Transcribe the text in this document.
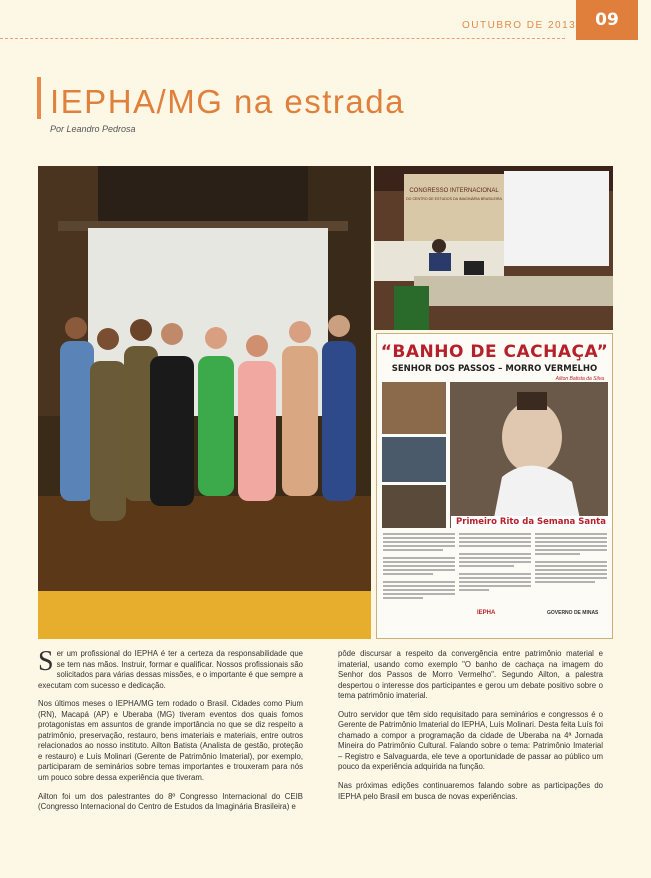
OUTUBRO DE 2013	09
IEPHA/MG na estrada
Por Leandro Pedrosa
CONGRESSO INTERNACIONAL
DO CENTRO DE ESTUDOS DA IMAGINÁRIA BRASILEIRA
“BANHO DE CACHAÇA”
SENHOR DOS PASSOS – MORRO VERMELHO
Ailton Batista da Silva
Primeiro Rito da Semana Santa
IEPHA	GOVERNO DE MINAS

Ser um profissional do IEPHA é ter a certeza da responsabilidade que se tem nas mãos. Instruir, formar e qualificar. Nossos profissionais são solicitados para várias dessas missões, e o importante é que sempre a executam com sucesso e dedicação.

Nos últimos meses o IEPHA/MG tem rodado o Brasil. Cidades como Pium (RN), Macapá (AP) e Uberaba (MG) tiveram eventos dos quais fomos protagonistas em assuntos de grande importância no que se diz respeito a patrimônio, preservação, restauro, bens imateriais e materiais, entre outros relacionados ao nosso instituto. Ailton Batista (Analista de gestão, proteção e restauro) e Luís Molinari (Gerente de Patrimônio Imaterial), por exemplo, participaram de seminários sobre temas importantes e trouxeram para nós um pouco sobre dessa experiência que tiveram.

Ailton foi um dos palestrantes do 8º Congresso Internacional do CEIB (Congresso Internacional do Centro de Estudos da Imaginária Brasileira) e

pôde discursar a respeito da convergência entre patrimônio material e imaterial, usando como exemplo "O banho de cachaça na imagem do Senhor dos Passos de Morro Vermelho". Segundo Ailton, a palestra despertou o interesse dos participantes e gerou um debate positivo sobre o tema patrimônio imaterial.

Outro servidor que têm sido requisitado para seminários e congressos é o Gerente de Patrimônio Imaterial do IEPHA, Luís Molinari. Desta feita Luís foi chamado a compor a programação da cidade de Uberaba na 4ª Jornada Mineira do Patrimônio Cultural. Falando sobre o tema: Patrimônio Imaterial – Registro e Salvaguarda, ele teve a oportunidade de passar ao público um pouco da experiência adquirida na função.

Nas próximas edições continuaremos falando sobre as participações do IEPHA pelo Brasil em busca de novas experiências.
